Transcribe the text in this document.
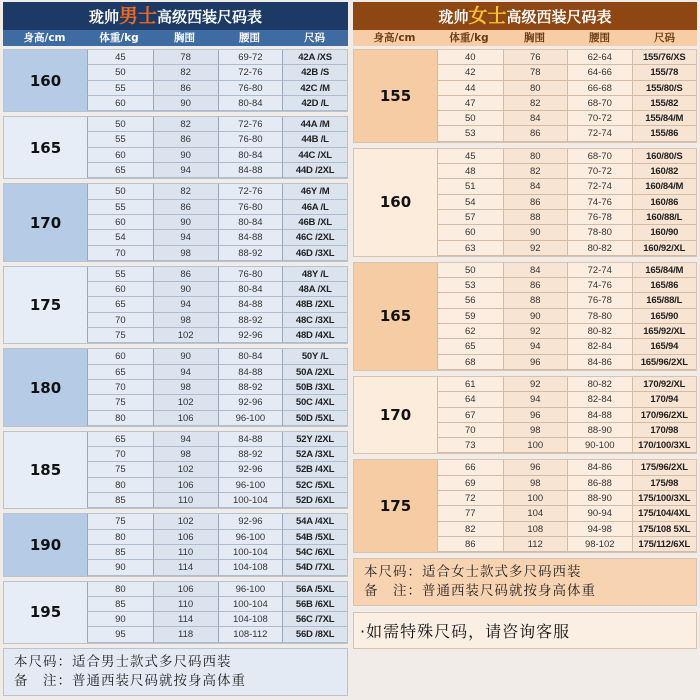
珑帅男士高级西装尺码表
身高/cm	体重/kg	胸围	腰围	尺码
160
45	78	69-72	42A /XS
50	82	72-76	42B /S
55	86	76-80	42C /M
60	90	80-84	42D /L
165
50	82	72-76	44A /M
55	86	76-80	44B /L
60	90	80-84	44C /XL
65	94	84-88	44D /2XL
170
50	82	72-76	46Y /M
55	86	76-80	46A /L
60	90	80-84	46B /XL
54	94	84-88	46C /2XL
70	98	88-92	46D /3XL
175
55	86	76-80	48Y /L
60	90	80-84	48A /XL
65	94	84-88	48B /2XL
70	98	88-92	48C /3XL
75	102	92-96	48D /4XL
180
60	90	80-84	50Y /L
65	94	84-88	50A /2XL
70	98	88-92	50B /3XL
75	102	92-96	50C /4XL
80	106	96-100	50D /5XL
185
65	94	84-88	52Y /2XL
70	98	88-92	52A /3XL
75	102	92-96	52B /4XL
80	106	96-100	52C /5XL
85	110	100-104	52D /6XL
190
75	102	92-96	54A /4XL
80	106	96-100	54B /5XL
85	110	100-104	54C /6XL
90	114	104-108	54D /7XL
195
80	106	96-100	56A /5XL
85	110	100-104	56B /6XL
90	114	104-108	56C /7XL
95	118	108-112	56D /8XL
本尺码：适合男士款式多尺码西装
备　注：普通西装尺码就按身高体重
珑帅女士高级西装尺码表
身高/cm	体重/kg	胸围	腰围	尺码
155
40	76	62-64	155/76/XS
42	78	64-66	155/78
44	80	66-68	155/80/S
47	82	68-70	155/82
50	84	70-72	155/84/M
53	86	72-74	155/86
160
45	80	68-70	160/80/S
48	82	70-72	160/82
51	84	72-74	160/84/M
54	86	74-76	160/86
57	88	76-78	160/88/L
60	90	78-80	160/90
63	92	80-82	160/92/XL
165
50	84	72-74	165/84/M
53	86	74-76	165/86
56	88	76-78	165/88/L
59	90	78-80	165/90
62	92	80-82	165/92/XL
65	94	82-84	165/94
68	96	84-86	165/96/2XL
170
61	92	80-82	170/92/XL
64	94	82-84	170/94
67	96	84-88	170/96/2XL
70	98	88-90	170/98
73	100	90-100	170/100/3XL
175
66	96	84-86	175/96/2XL
69	98	86-88	175/98
72	100	88-90	175/100/3XL
77	104	90-94	175/104/4XL
82	108	94-98	175/108 5XL
86	112	98-102	175/112/6XL
本尺码：适合女士款式多尺码西装
备　注：普通西装尺码就按身高体重
·如需特殊尺码，请咨询客服
